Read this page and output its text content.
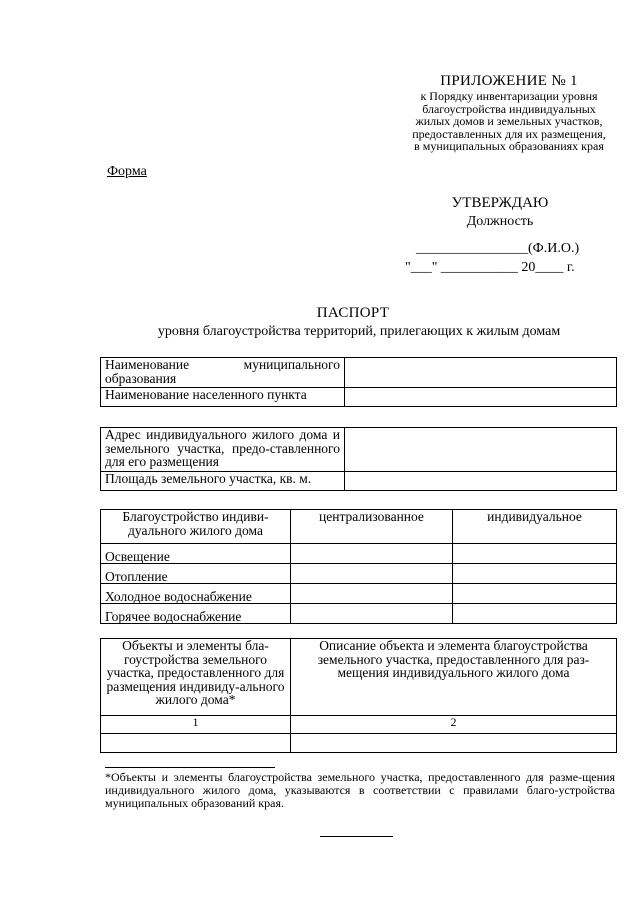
ПРИЛОЖЕНИЕ № 1
к Порядку инвентаризации уровня
благоустройства индивидуальных
жилых домов и земельных участков,
предоставленных для их размещения,
в муниципальных образованиях края
Форма
УТВЕРЖДАЮ
Должность
________________(Ф.И.О.)
"___" ___________ 20____ г.
ПАСПОРТ
уровня благоустройства территорий, прилегающих к жилым домам
Наименование муниципального образования	
Наименование населенного пункта	
Адрес индивидуального жилого дома и земельного участка, предо-ставленного для его размещения	
Площадь земельного участка, кв. м.	
Благоустройство индиви-дуального жилого дома	централизованное	индивидуальное
Освещение		
Отопление		
Холодное водоснабжение		
Горячее водоснабжение		
Объекты и элементы бла-гоустройства земельного участка, предоставленного для размещения индивиду-ального жилого дома*	Описание объекта и элемента благоустройства земельного участка, предоставленного для раз-мещения индивидуального жилого дома
1	2

*Объекты и элементы благоустройства земельного участка, предоставленного для разме-щения индивидуального жилого дома, указываются в соответствии с правилами благо-устройства муниципальных образований края.
